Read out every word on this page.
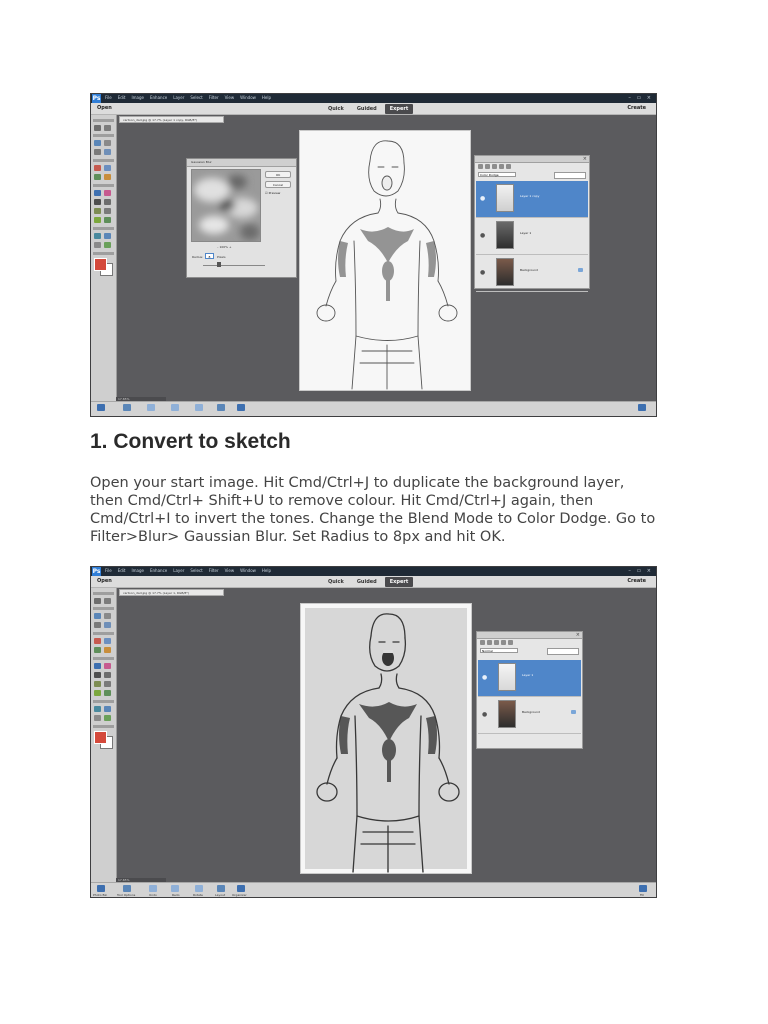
Ps File Edit Image Enhance Layer Select Filter View Window Help	– ▭ ×
Open	Quick	Guided	Expert	Create
cartoon_dad.jpg @ 17.7% (Layer 1 copy, RGB/8*)
Gaussian Blur
OK
Cancel
☑ Preview
– 100% +
Radius:	8	Pixels
×
Color Dodge
●	Layer 1 copy
●	Layer 1
●	Background
17.65%
1. Convert to sketch

Open your start image. Hit Cmd/Ctrl+J to duplicate the background layer,
then Cmd/Ctrl+ Shift+U to remove colour. Hit Cmd/Ctrl+J again, then
Cmd/Ctrl+I to invert the tones. Change the Blend Mode to Color Dodge. Go to
Filter>Blur> Gaussian Blur. Set Radius to 8px and hit OK.

Ps File Edit Image Enhance Layer Select Filter View Window Help	– ▭ ×
Open	Quick	Guided	Expert	Create
cartoon_dad.jpg @ 17.7% (Layer 1, RGB/8*)
×
Normal
●	Layer 1
●	Background
17.65%
Photo Bin	Tool Options	Undo	Redo	Rotate	Layout Organizer	Fill
